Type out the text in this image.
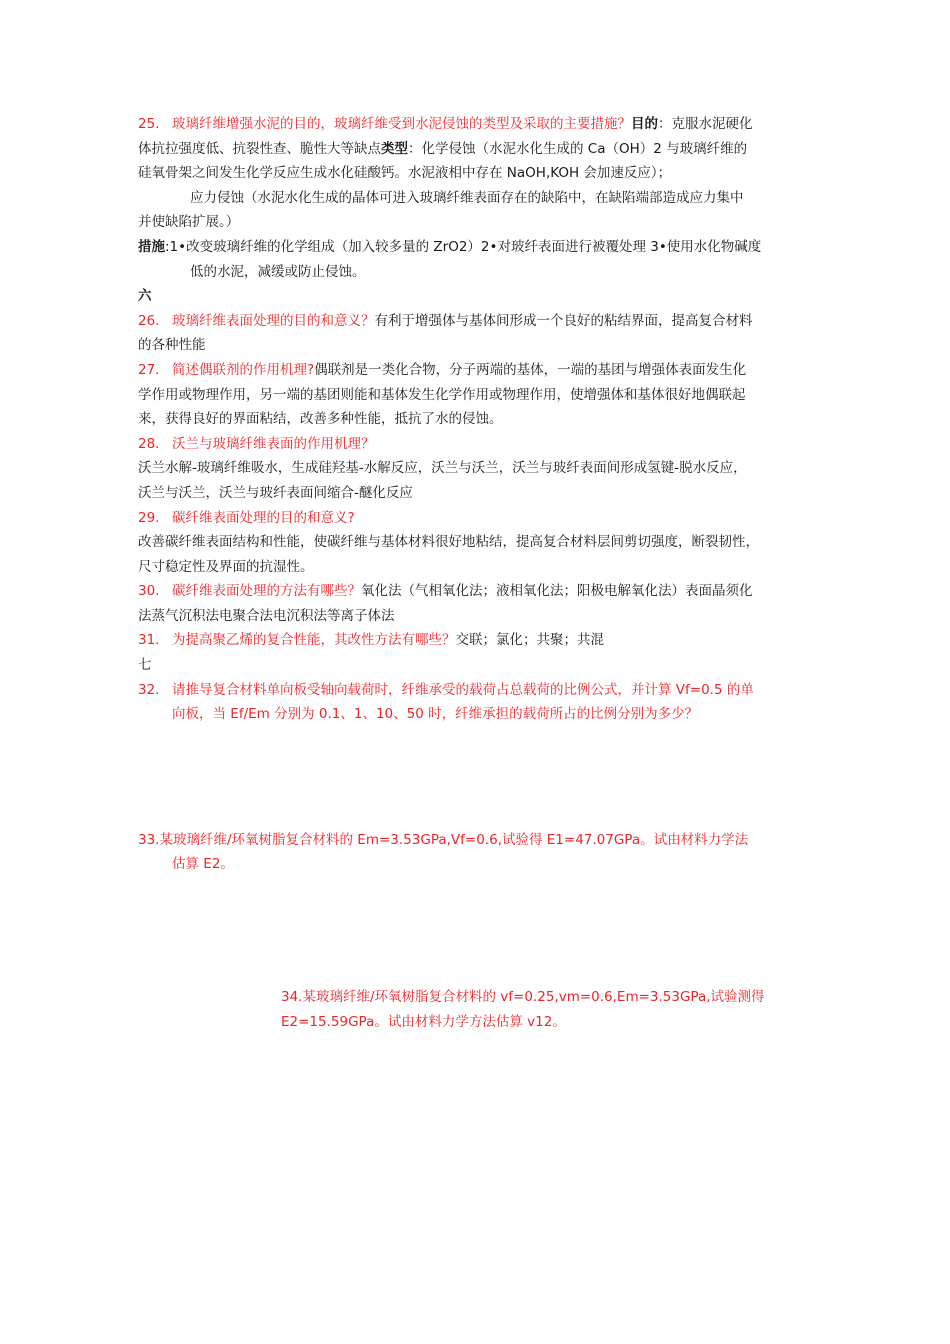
25. 玻璃纤维增强水泥的目的，玻璃纤维受到水泥侵蚀的类型及采取的主要措施？目的：克服水泥硬化
体抗拉强度低、抗裂性查、脆性大等缺点类型：化学侵蚀（水泥水化生成的 Ca（OH）2 与玻璃纤维的
硅氧骨架之间发生化学反应生成水化硅酸钙。水泥液相中存在 NaOH,KOH 会加速反应）；
应力侵蚀（水泥水化生成的晶体可进入玻璃纤维表面存在的缺陷中，在缺陷端部造成应力集中
并使缺陷扩展。）
措施:1•改变玻璃纤维的化学组成（加入较多量的 ZrO2）2•对玻纤表面进行被覆处理 3•使用水化物碱度
低的水泥，减缓或防止侵蚀。
六
26. 玻璃纤维表面处理的目的和意义？有利于增强体与基体间形成一个良好的粘结界面，提高复合材料
的各种性能
27. 简述偶联剂的作用机理?偶联剂是一类化合物，分子两端的基体，一端的基团与增强体表面发生化
学作用或物理作用，另一端的基团则能和基体发生化学作用或物理作用，使增强体和基体很好地偶联起
来，获得良好的界面粘结，改善多种性能，抵抗了水的侵蚀。
28. 沃兰与玻璃纤维表面的作用机理？
沃兰水解-玻璃纤维吸水，生成硅羟基-水解反应，沃兰与沃兰，沃兰与玻纤表面间形成氢键-脱水反应，
沃兰与沃兰，沃兰与玻纤表面间缩合-醚化反应
29. 碳纤维表面处理的目的和意义?
改善碳纤维表面结构和性能，使碳纤维与基体材料很好地粘结，提高复合材料层间剪切强度，断裂韧性，
尺寸稳定性及界面的抗湿性。
30. 碳纤维表面处理的方法有哪些？氧化法（气相氧化法；液相氧化法；阳极电解氧化法）表面晶须化
法蒸气沉积法电聚合法电沉积法等离子体法
31. 为提高聚乙烯的复合性能，其改性方法有哪些？交联；氯化；共聚；共混
七
32. 请推导复合材料单向板受轴向载荷时，纤维承受的载荷占总载荷的比例公式，并计算 Vf=0.5 的单
向板，当 Ef/Em 分别为 0.1、1、10、50 时，纤维承担的载荷所占的比例分别为多少？
33.某玻璃纤维/环氧树脂复合材料的 Em=3.53GPa,Vf=0.6,试验得 E1=47.07GPa。试由材料力学法
估算 E2。
34.某玻璃纤维/环氧树脂复合材料的 vf=0.25,vm=0.6,Em=3.53GPa,试验测得
E2=15.59GPa。试由材料力学方法估算 v12。
